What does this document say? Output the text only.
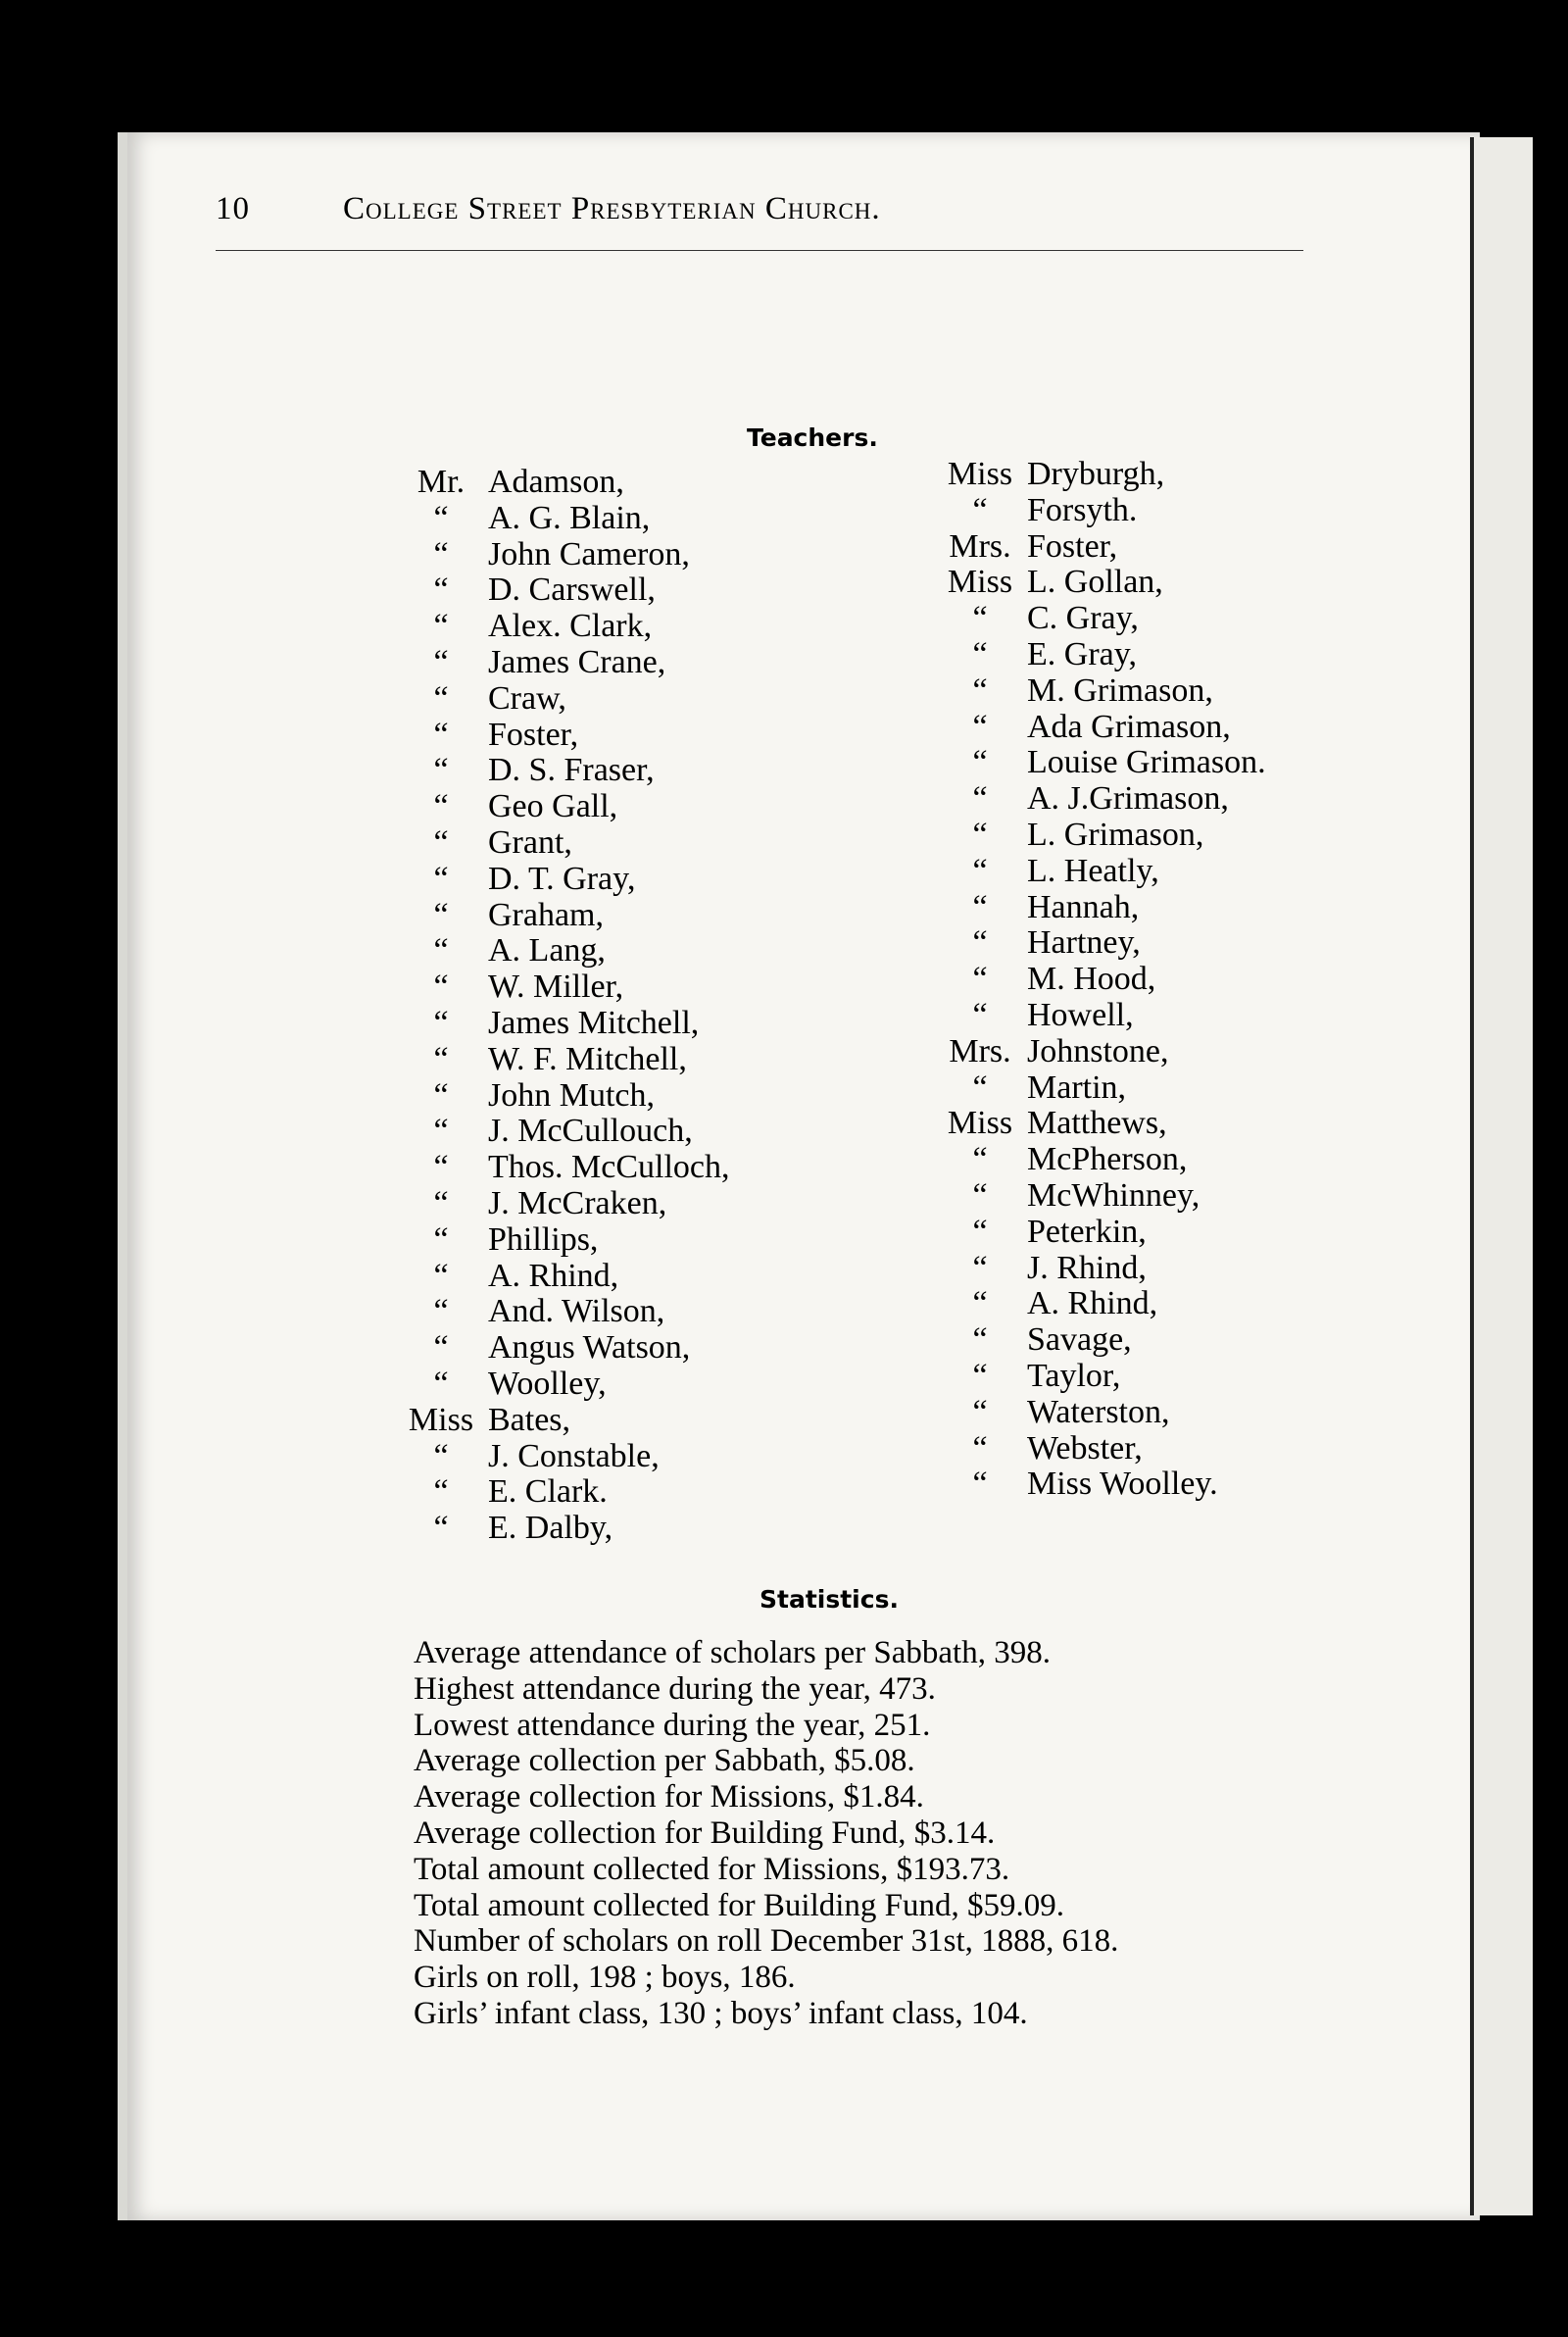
10	College Street Presbyterian Church.
Teachers.
Mr. Adamson,
“	A. G. Blain,
“	John Cameron,
“	D. Carswell,
“	Alex. Clark,
“	James Crane,
“	Craw,
“	Foster,
“	D. S. Fraser,
“	Geo Gall,
“	Grant,
“	D. T. Gray,
“	Graham,
“	A. Lang,
“	W. Miller,
“	James Mitchell,
“	W. F. Mitchell,
“	John Mutch,
“	J. McCullouch,
“	Thos. McCulloch,
“	J. McCraken,
“	Phillips,
“	A. Rhind,
“	And. Wilson,
“	Angus Watson,
“	Woolley,
Miss Bates,
“	J. Constable,
“	E. Clark.
“	E. Dalby,
Miss Dryburgh,
“	Forsyth.
Mrs. Foster,
Miss L. Gollan,
“	C. Gray,
“	E. Gray,
“	M. Grimason,
“	Ada Grimason,
“	Louise Grimason.
“	A. J.Grimason,
“	L. Grimason,
“	L. Heatly,
“	Hannah,
“	Hartney,
“	M. Hood,
“	Howell,
Mrs. Johnstone,
“	Martin,
Miss Matthews,
“	McPherson,
“	McWhinney,
“	Peterkin,
“	J. Rhind,
“	A. Rhind,
“	Savage,
“	Taylor,
“	Waterston,
“	Webster,
“	Miss Woolley.
Statistics.
Average attendance of scholars per Sabbath, 398.
Highest attendance during the year, 473.
Lowest attendance during the year, 251.
Average collection per Sabbath, $5.08.
Average collection for Missions, $1.84.
Average collection for Building Fund, $3.14.
Total amount collected for Missions, $193.73.
Total amount collected for Building Fund, $59.09.
Number of scholars on roll December 31st, 1888, 618.
Girls on roll, 198 ; boys, 186.
Girls’ infant class, 130 ; boys’ infant class, 104.
